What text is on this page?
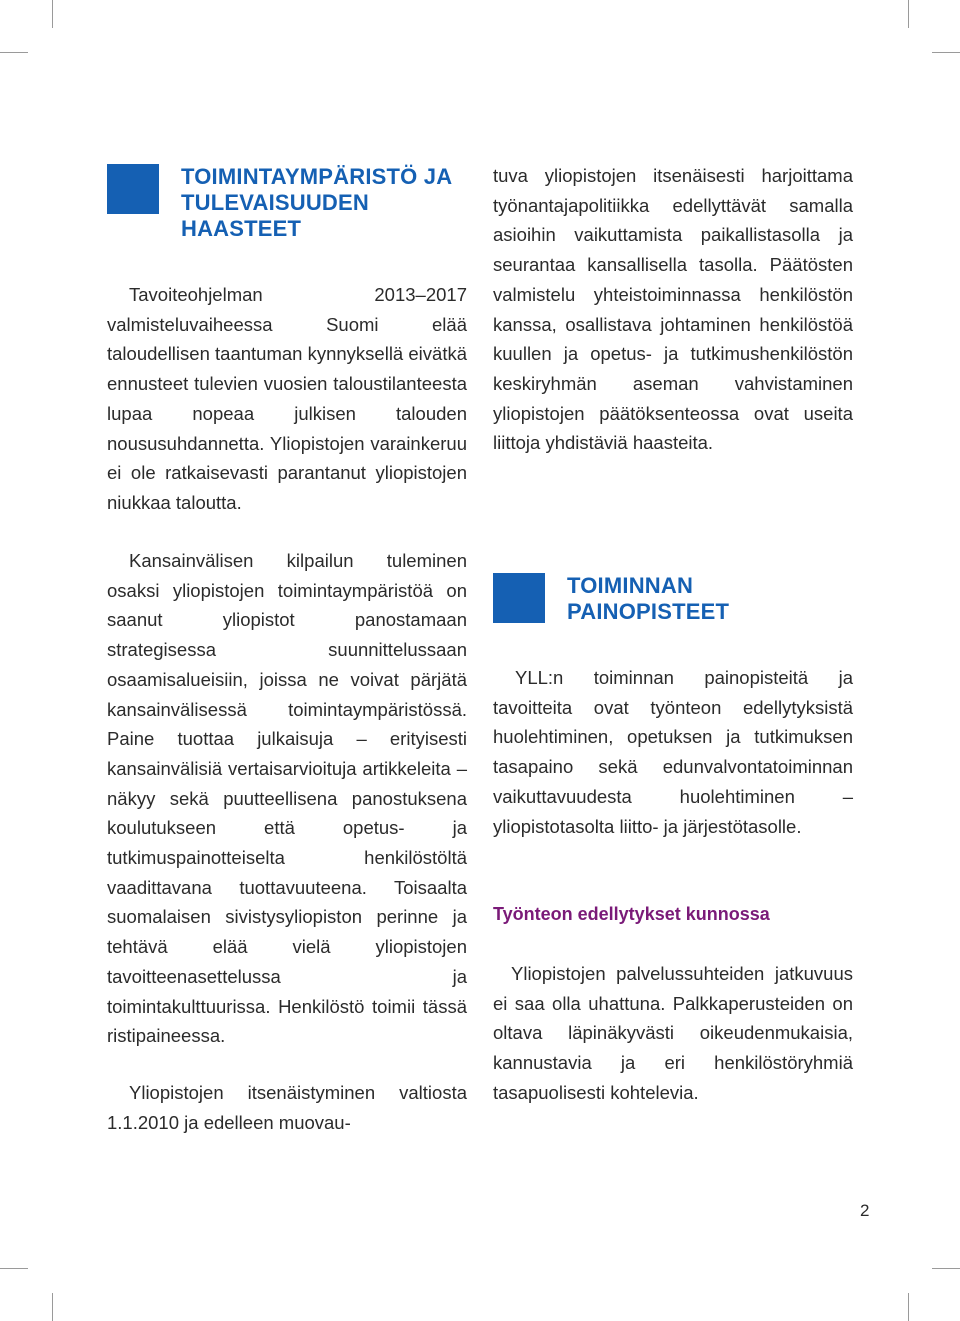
TOIMINTAYMPÄRISTÖ JA TULEVAISUUDEN HAASTEET

Tavoiteohjelman 2013–2017 valmisteluvaiheessa Suomi elää taloudellisen taantuman kynnyksellä eivätkä ennusteet tulevien vuosien taloustilanteesta lupaa nopeaa julkisen talouden noususuhdannetta. Yliopistojen varainkeruu ei ole ratkaisevasti parantanut yliopistojen niukkaa taloutta.

Kansainvälisen kilpailun tuleminen osaksi yliopistojen toimintaympäristöä on saanut yliopistot panostamaan strategisessa suunnittelussaan osaamisalueisiin, joissa ne voivat pärjätä kansainvälisessä toimintaympäristössä. Paine tuottaa julkaisuja – erityisesti kansainvälisiä vertaisarvioituja artikkeleita – näkyy sekä puutteellisena panostuksena koulutukseen että opetus- ja tutkimuspainotteiselta henkilöstöltä vaadittavana tuottavuuteena. Toisaalta suomalaisen sivistysyliopiston perinne ja tehtävä elää vielä yliopistojen tavoitteenasettelussa ja toimintakulttuurissa. Henkilöstö toimii tässä ristipaineessa.

Yliopistojen itsenäistyminen valtiosta 1.1.2010 ja edelleen muovau-

tuva yliopistojen itsenäisesti harjoittama työnantajapolitiikka edellyttävät samalla asioihin vaikuttamista paikallistasolla ja seurantaa kansallisella tasolla. Päätösten valmistelu yhteistoiminnassa henkilöstön kanssa, osallistava johtaminen henkilöstöä kuullen ja opetus- ja tutkimushenkilöstön keskiryhmän aseman vahvistaminen yliopistojen päätöksenteossa ovat useita liittoja yhdistäviä haasteita.

TOIMINNAN PAINOPISTEET

YLL:n toiminnan painopisteitä ja tavoitteita ovat työnteon edellytyksistä huolehtiminen, opetuksen ja tutkimuksen tasapaino sekä edunvalvontatoiminnan vaikuttavuudesta huolehtiminen – yliopistotasolta liitto- ja järjestötasolle.

Työnteon edellytykset kunnossa

Yliopistojen palvelussuhteiden jatkuvuus ei saa olla uhattuna. Palkkaperusteiden on oltava läpinäkyvästi oikeudenmukaisia, kannustavia ja eri henkilöstöryhmiä tasapuolisesti kohtelevia.

2
